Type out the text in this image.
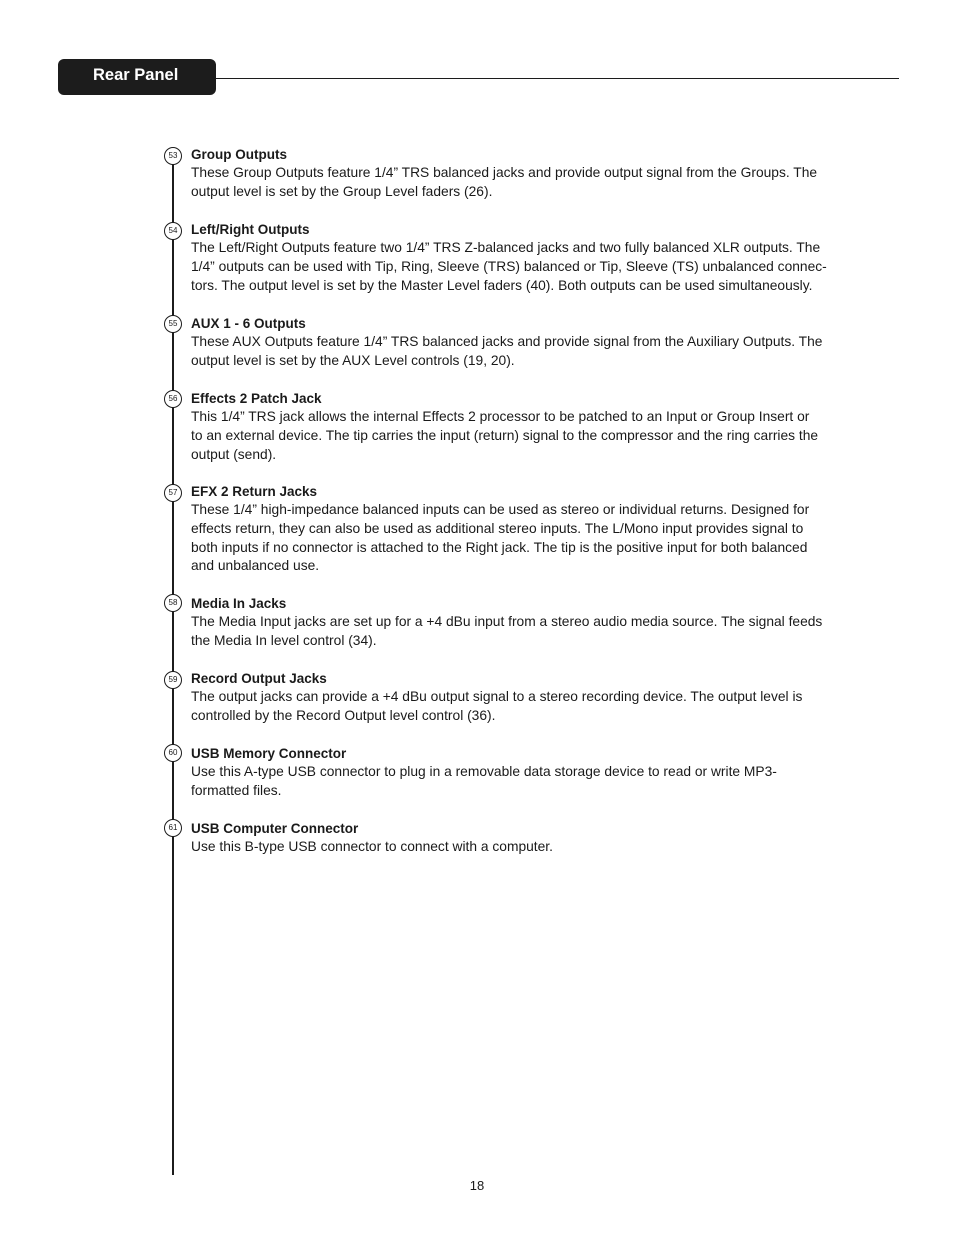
Rear Panel
53	Group Outputs

These Group Outputs feature 1/4” TRS balanced jacks and provide output signal from the Groups. The
output level is set by the Group Level faders (26).

54	Left/Right Outputs

The Left/Right Outputs feature two 1/4” TRS Z-balanced jacks and two fully balanced XLR outputs. The
1/4” outputs can be used with Tip, Ring, Sleeve (TRS) balanced or Tip, Sleeve (TS) unbalanced connec-
tors. The output level is set by the Master Level faders (40). Both outputs can be used simultaneously.

55	AUX 1 - 6 Outputs

These AUX Outputs feature 1/4” TRS balanced jacks and provide signal from the Auxiliary Outputs. The
output level is set by the AUX Level controls (19, 20).

56	Effects 2 Patch Jack

This 1/4” TRS jack allows the internal Effects 2 processor to be patched to an Input or Group Insert or
to an external device. The tip carries the input (return) signal to the compressor and the ring carries the
output (send).

57	EFX 2 Return Jacks

These 1/4” high-impedance balanced inputs can be used as stereo or individual returns. Designed for
effects return, they can also be used as additional stereo inputs. The L/Mono input provides signal to
both inputs if no connector is attached to the Right jack. The tip is the positive input for both balanced
and unbalanced use.

58	Media In Jacks

The Media Input jacks are set up for a +4 dBu input from a stereo audio media source. The signal feeds
the Media In level control (34).

59	Record Output Jacks

The output jacks can provide a +4 dBu output signal to a stereo recording device. The output level is
controlled by the Record Output level control (36).

60	USB Memory Connector

Use this A-type USB connector to plug in a removable data storage device to read or write MP3-
formatted files.

61	USB Computer Connector

Use this B-type USB connector to connect with a computer.

18
